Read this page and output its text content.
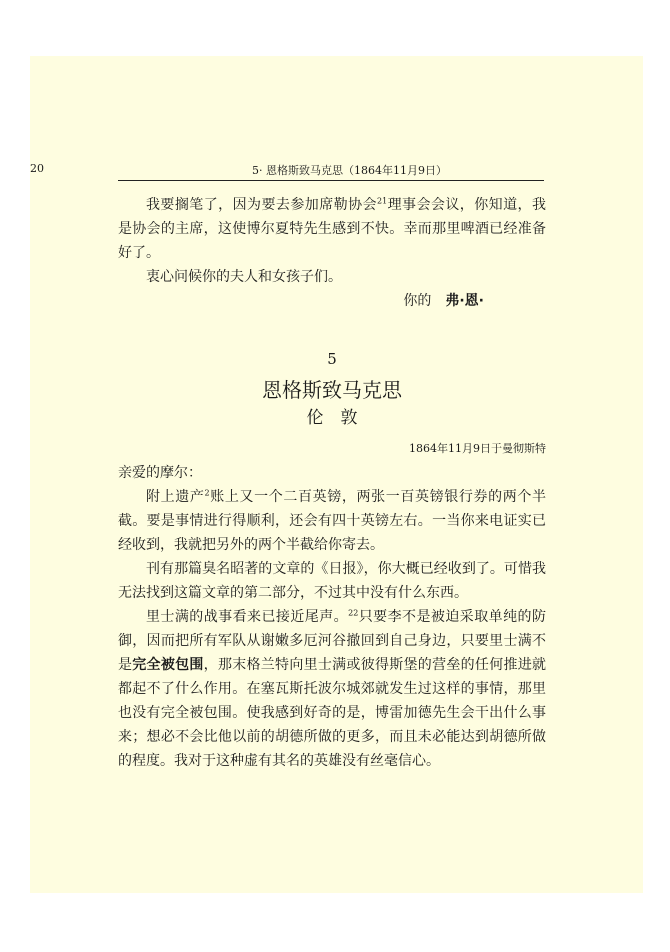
20	5· 恩格斯致马克思（1864年11月9日）

我要搁笔了，因为要去参加席勒协会$^{21}$理事会会议，你知道，我是协会的主席，这使博尔夏特先生感到不快。幸而那里啤酒已经准备好了。

衷心问候你的夫人和女孩子们。

你的　 弗·恩·

5
恩格斯致马克思
伦　敦

1864年11月9日于曼彻斯特

亲爱的摩尔：

附上遗产$^2$账上又一个二百英镑，两张一百英镑银行券的两个半截。要是事情进行得顺利，还会有四十英镑左右。一当你来电证实已经收到，我就把另外的两个半截给你寄去。

刊有那篇臭名昭著的文章的《日报》，你大概已经收到了。可惜我无法找到这篇文章的第二部分，不过其中没有什么东西。

里士满的战事看来已接近尾声。$^{22}$只要李不是被迫采取单纯的防御，因而把所有军队从谢嫩多厄河谷撤回到自己身边，只要里士满不是完全被包围，那末格兰特向里士满或彼得斯堡的营垒的任何推进就都起不了什么作用。在塞瓦斯托波尔城郊就发生过这样的事情，那里也没有完全被包围。使我感到好奇的是，博雷加德先生会干出什么事来；想必不会比他以前的胡德所做的更多，而且未必能达到胡德所做的程度。我对于这种虚有其名的英雄没有丝毫信心。
